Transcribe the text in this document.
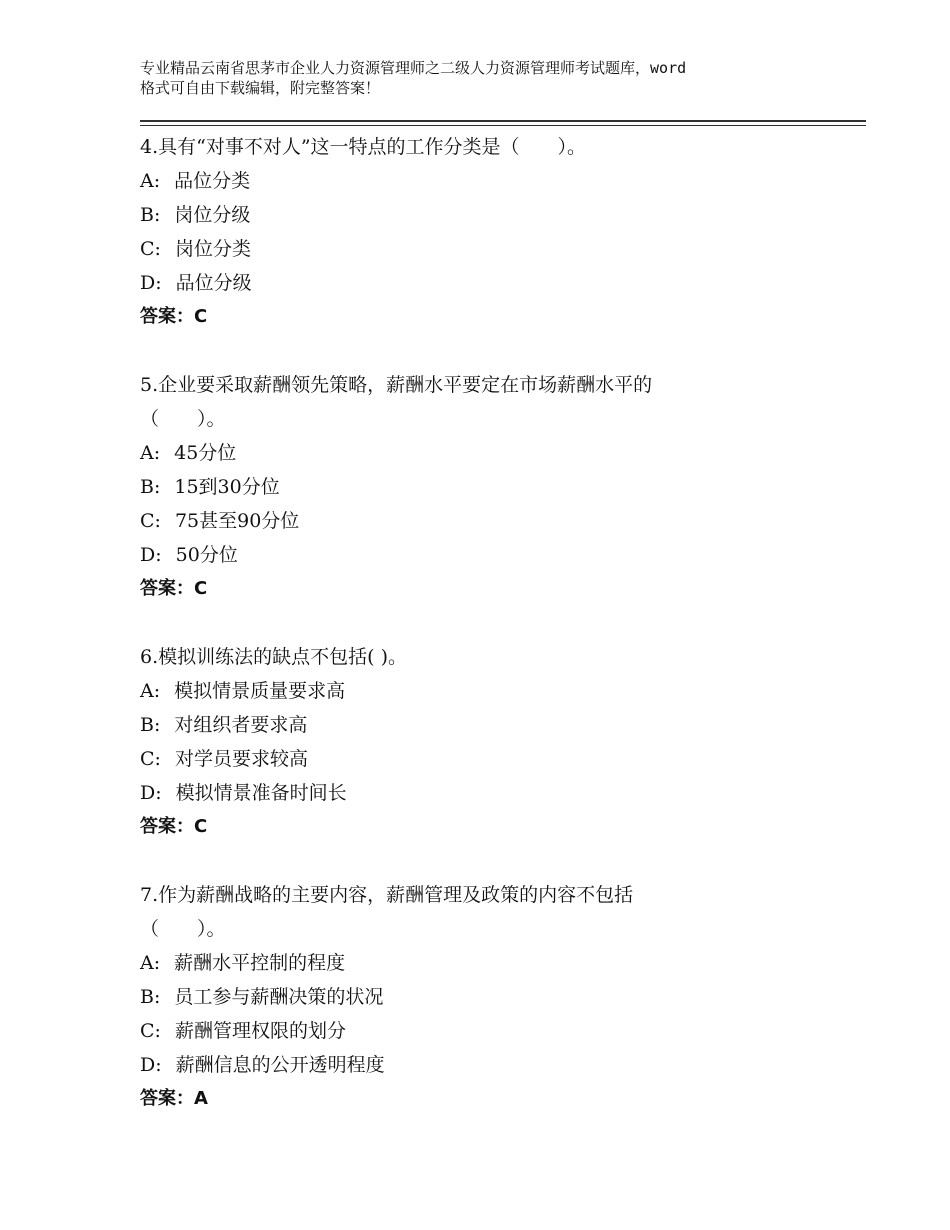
专业精品云南省思茅市企业人力资源管理师之二级人力资源管理师考试题库，word
格式可自由下载编辑，附完整答案！
4.具有“对事不对人”这一特点的工作分类是（　　）。
A: 品位分类
B: 岗位分级
C: 岗位分类
D: 品位分级
答案：C
5.企业要采取薪酬领先策略，薪酬水平要定在市场薪酬水平的
（　　）。
A: 45分位
B: 15到30分位
C: 75甚至90分位
D: 50分位
答案：C
6.模拟训练法的缺点不包括( )。
A: 模拟情景质量要求高
B: 对组织者要求高
C: 对学员要求较高
D: 模拟情景准备时间长
答案：C
7.作为薪酬战略的主要内容，薪酬管理及政策的内容不包括
（　　）。
A: 薪酬水平控制的程度
B: 员工参与薪酬决策的状况
C: 薪酬管理权限的划分
D: 薪酬信息的公开透明程度
答案：A
